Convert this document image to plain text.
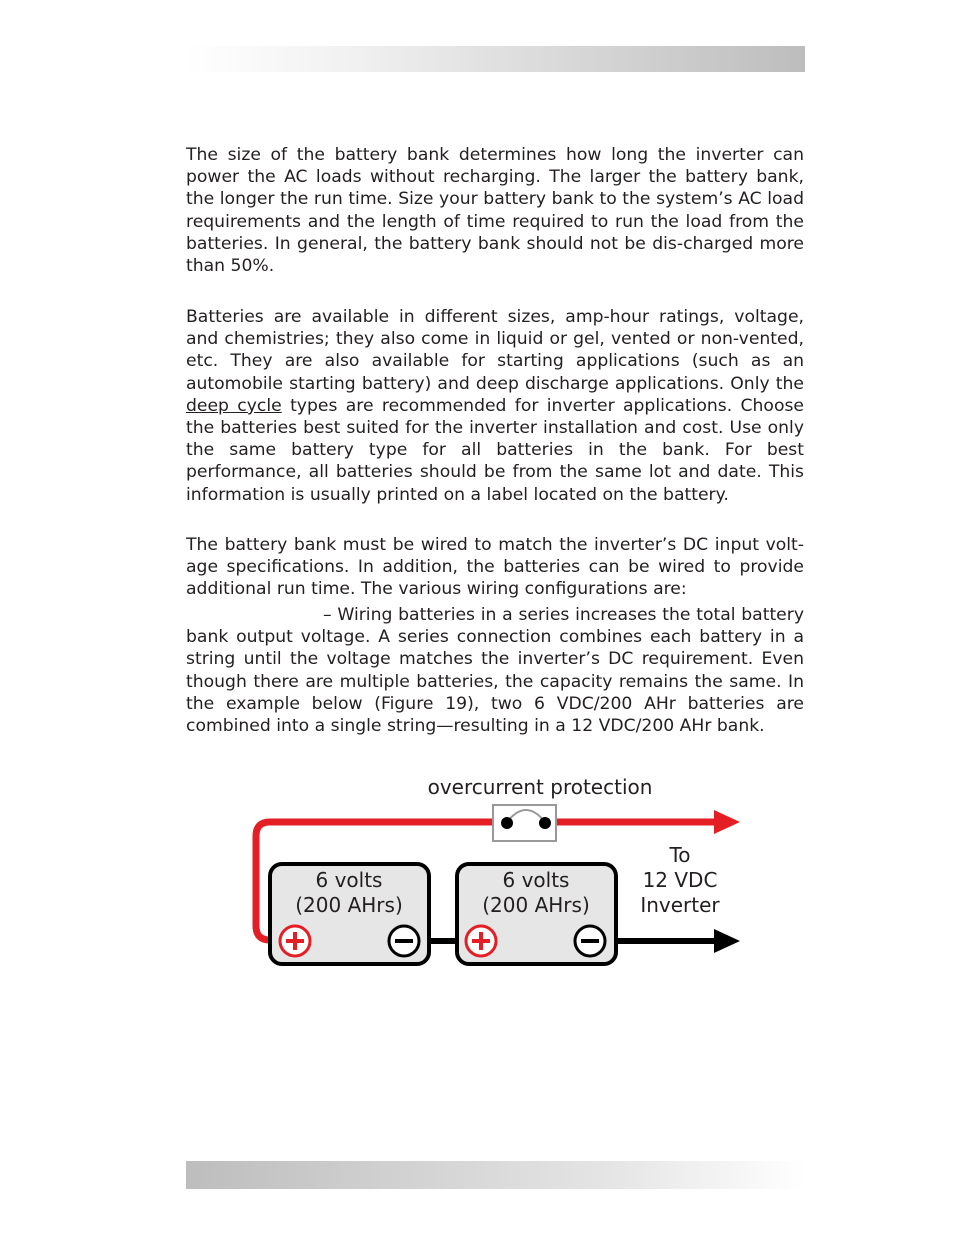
The size of the battery bank determines how long the inverter can power the AC loads without recharging. The larger the battery bank, the longer the run time. Size your battery bank to the system’s AC load requirements and the length of time required to run the load from the batteries. In general, the battery bank should not be dis-charged more than 50%.

Batteries are available in different sizes, amp-hour ratings, voltage, and chemistries; they also come in liquid or gel, vented or non-vented, etc. They are also available for starting applications (such as an automobile starting battery) and deep discharge applications. Only the deep cycle types are recommended for inverter applications. Choose the batteries best suited for the inverter installation and cost. Use only the same battery type for all batteries in the bank. For best performance, all batteries should be from the same lot and date. This information is usually printed on a label located on the battery.

The battery bank must be wired to match the inverter’s DC input volt-age specifications. In addition, the batteries can be wired to provide additional run time. The various wiring configurations are:

– Wiring batteries in a series increases the total battery bank output voltage. A series connection combines each battery in a string until the voltage matches the inverter’s DC requirement. Even though there are multiple batteries, the capacity remains the same. In the example below (Figure 19), two 6 VDC/200 AHr batteries are combined into a single string—resulting in a 12 VDC/200 AHr bank.

overcurrent protection
6 volts
(200 AHrs)
6 volts
(200 AHrs)
To
12 VDC
Inverter
